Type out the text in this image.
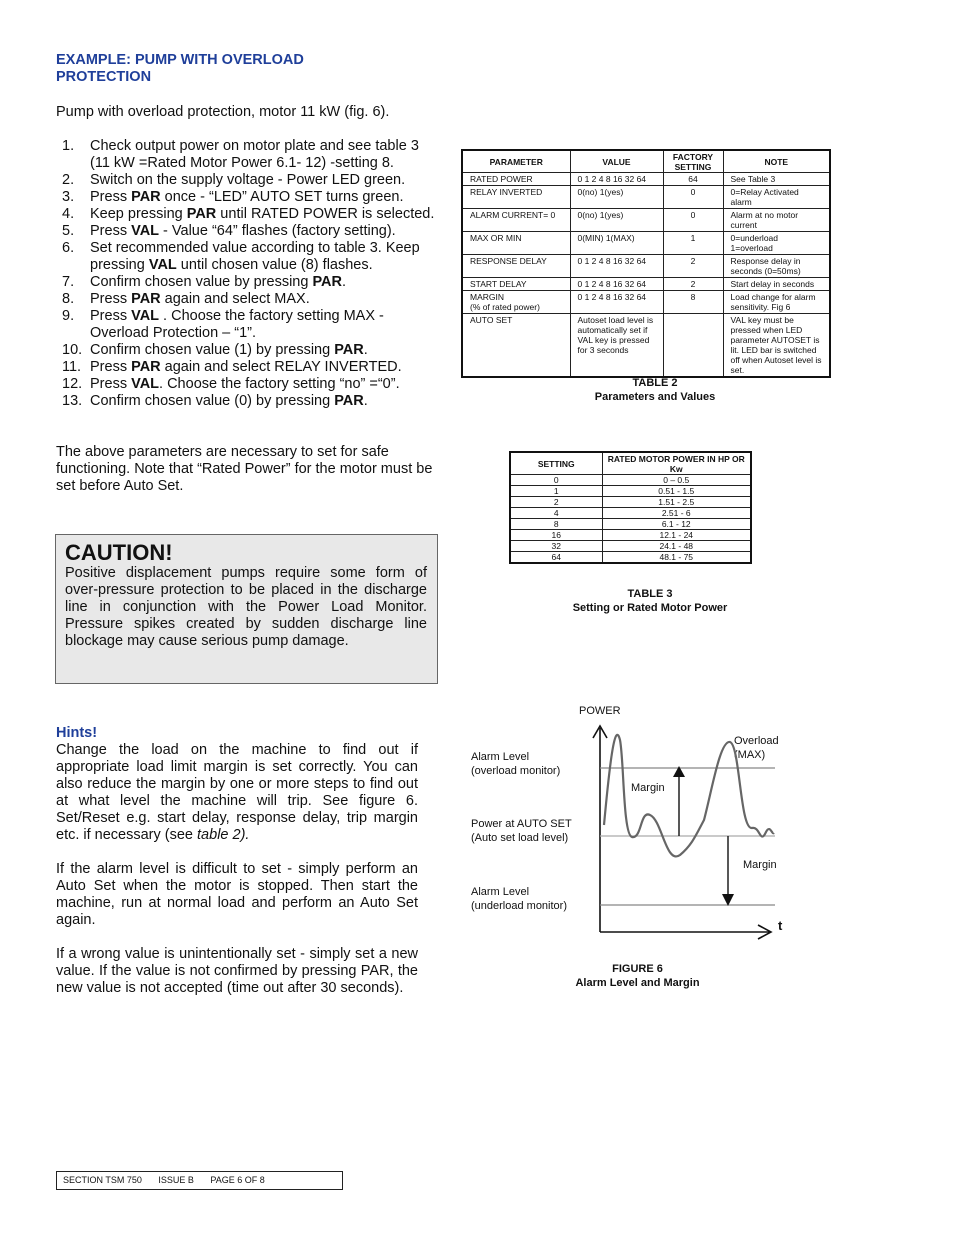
EXAMPLE: PUMP WITH OVERLOAD
PROTECTION
Pump with overload protection, motor 11 kW (fig. 6).
1. Check output power on motor plate and see table 3 (11 kW =Rated Motor Power 6.1- 12) -setting 8.
2. Switch on the supply voltage - Power LED green.
3. Press PAR once - “LED” AUTO SET turns green.
4. Keep pressing PAR until RATED POWER is selected.
5. Press VAL - Value “64” flashes (factory setting).
6. Set recommended value according to table 3. Keep pressing VAL until chosen value (8) flashes.
7. Confirm chosen value by pressing PAR.
8. Press PAR again and select MAX.
9. Press VAL . Choose the factory setting MAX - Overload Protection – “1”.
10. Confirm chosen value (1) by pressing PAR.
11. Press PAR again and select RELAY INVERTED.
12. Press VAL. Choose the factory setting “no” =“0”.
13. Confirm chosen value (0) by pressing PAR.
The above parameters are necessary to set for safe functioning. Note that “Rated Power” for the motor must be set before Auto Set.
CAUTION!

Positive displacement pumps require some form of over-pressure protection to be placed in the discharge line in conjunction with the Power Load Monitor. Pressure spikes created by sudden discharge line blockage may cause serious pump damage.

Hints!

Change the load on the machine to find out if appropriate load limit margin is set correctly. You can also reduce the margin by one or more steps to find out at what level the machine will trip. See figure 6. Set/Reset e.g. start delay, response delay, trip margin etc. if necessary (see table 2).

If the alarm level is difficult to set - simply perform an Auto Set when the motor is stopped. Then start the machine, run at normal load and perform an Auto Set again.

If a wrong value is unintentionally set - simply set a new value. If the value is not confirmed by pressing PAR, the new value is not accepted (time out after 30 seconds).

PARAMETER	VALUE	FACTORY SETTING	NOTE
RATED POWER	0 1 2 4 8 16 32 64	64	See Table 3
RELAY INVERTED	0(no) 1(yes)	0	0=Relay Activated alarm
ALARM CURRENT= 0	0(no) 1(yes)	0	Alarm at no motor current
MAX OR MIN	0(MIN) 1(MAX)	1	0=underload 1=overload
RESPONSE DELAY	0 1 2 4 8 16 32 64	2	Response delay in seconds (0=50ms)
START DELAY	0 1 2 4 8 16 32 64	2	Start delay in seconds

MARGIN
(% of rated power)	0 1 2 4 8 16 32 64	8	Load change for alarm sensitivity. Fig 6
AUTO SET	Autoset load level is automatically set if VAL key is pressed for 3 seconds		VAL key must be pressed when LED parameter AUTOSET is lit. LED bar is switched off when Autoset level is set.
TABLE 2
Parameters and Values
SETTING	RATED MOTOR POWER IN HP OR Kw
0	0 – 0.5
1	0.51 - 1.5
2	1.51 - 2.5
4	2.51 - 6
8	6.1 - 12
16	12.1 - 24
32	24.1 - 48
64	48.1 - 75
TABLE 3
Setting or Rated Motor Power
POWER
Alarm Level
(overload monitor)
Power at AUTO SET
(Auto set load level)
Alarm Level
(underload monitor)
Overload
(MAX)
Margin
Margin
t
FIGURE 6
Alarm Level and Margin
SECTION TSM 750 ISSUE B PAGE 6 OF 8
